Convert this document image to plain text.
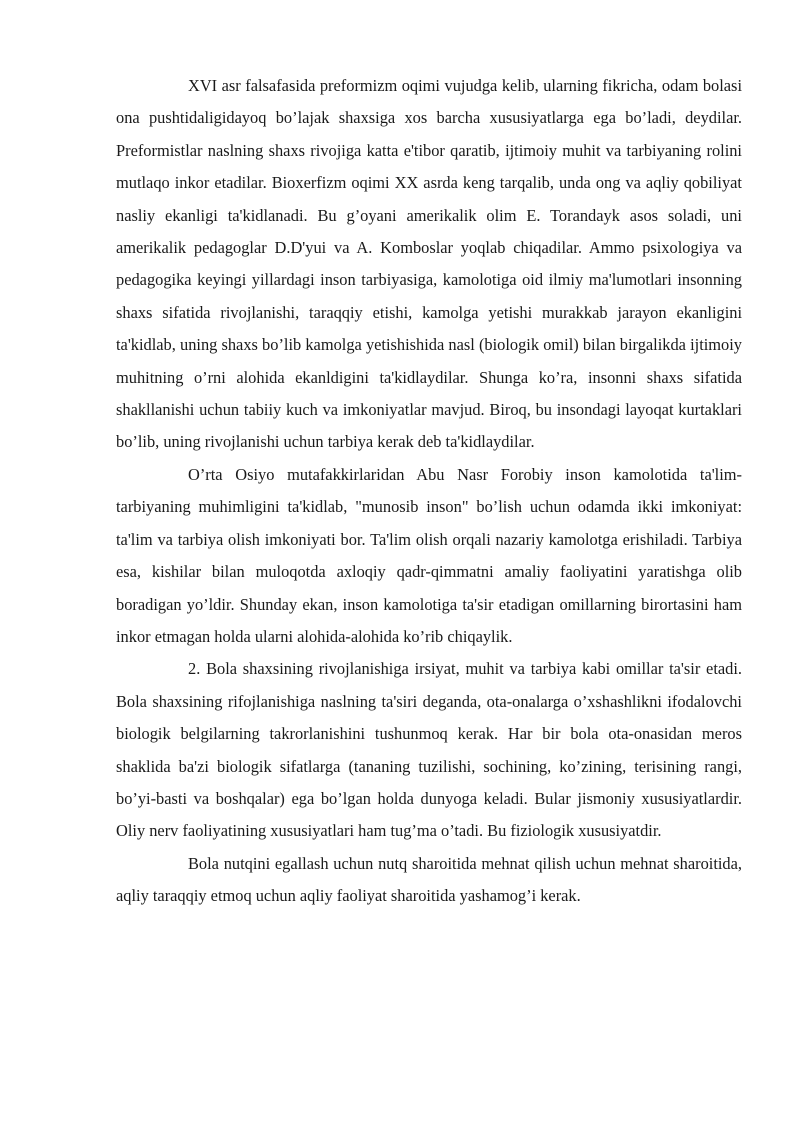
XVI asr falsafasida preformizm oqimi vujudga kelib, ularning fikricha, odam bolasi ona pushtidaligidayoq bo’lajak shaxsiga xos barcha xususiyatlarga ega bo’ladi, deydilar. Preformistlar naslning shaxs rivojiga katta e'tibor qaratib, ijtimoiy muhit va tarbiyaning rolini mutlaqo inkor etadilar. Bioxerfizm oqimi XX asrda keng tarqalib, unda ong va aqliy qobiliyat nasliy ekanligi ta'kidlanadi. Bu g’oyani amerikalik olim E. Torandayk asos soladi, uni amerikalik pedagoglar D.D'yui va A. Komboslar yoqlab chiqadilar. Ammo psixologiya va pedagogika keyingi yillardagi inson tarbiyasiga, kamolotiga oid ilmiy ma'lumotlari insonning shaxs sifatida rivojlanishi, taraqqiy etishi, kamolga yetishi murakkab jarayon ekanligini ta'kidlab, uning shaxs bo’lib kamolga yetishishida nasl (biologik omil) bilan birgalikda ijtimoiy muhitning o’rni alohida ekanldigini ta'kidlaydilar. Shunga ko’ra, insonni shaxs sifatida shakllanishi uchun tabiiy kuch va imkoniyatlar mavjud. Biroq, bu insondagi layoqat kurtaklari bo’lib, uning rivojlanishi uchun tarbiya kerak deb ta'kidlaydilar.

O’rta Osiyo mutafakkirlaridan Abu Nasr Forobiy inson kamolotida ta'lim-tarbiyaning muhimligini ta'kidlab, "munosib inson" bo’lish uchun odamda ikki imkoniyat: ta'lim va tarbiya olish imkoniyati bor. Ta'lim olish orqali nazariy kamolotga erishiladi. Tarbiya esa, kishilar bilan muloqotda axloqiy qadr-qimmatni amaliy faoliyatini yaratishga olib boradigan yo’ldir. Shunday ekan, inson kamolotiga ta'sir etadigan omillarning birortasini ham inkor etmagan holda ularni alohida-alohida ko’rib chiqaylik.

2. Bola shaxsining rivojlanishiga irsiyat, muhit va tarbiya kabi omillar ta'sir etadi. Bola shaxsining rifojlanishiga naslning ta'siri deganda, ota-onalarga o’xshashlikni ifodalovchi biologik belgilarning takrorlanishini tushunmoq kerak. Har bir bola ota-onasidan meros shaklida ba'zi biologik sifatlarga (tananing tuzilishi, sochining, ko’zining, terisining rangi, bo’yi-basti va boshqalar) ega bo’lgan holda dunyoga keladi. Bular jismoniy xususiyatlardir. Oliy nerv faoliyatining xususiyatlari ham tug’ma o’tadi. Bu fiziologik xususiyatdir.

Bola nutqini egallash uchun nutq sharoitida mehnat qilish uchun mehnat sharoitida, aqliy taraqqiy etmoq uchun aqliy faoliyat sharoitida yashamog’i kerak.
